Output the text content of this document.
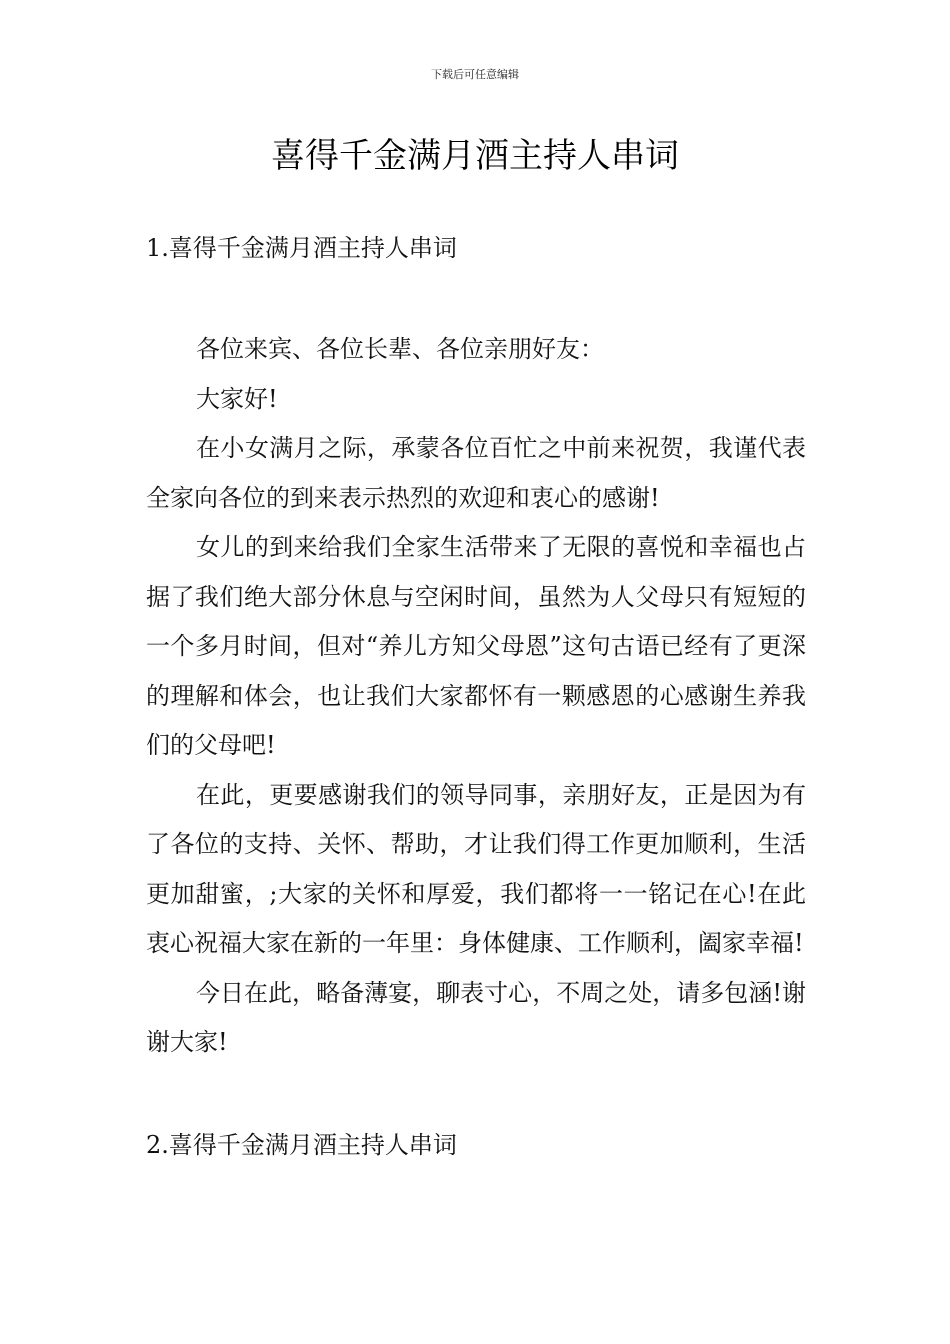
下载后可任意编辑
喜得千金满月酒主持人串词
1.喜得千金满月酒主持人串词

各位来宾、各位长辈、各位亲朋好友：

大家好!

在小女满月之际，承蒙各位百忙之中前来祝贺，我谨代表全家向各位的到来表示热烈的欢迎和衷心的感谢!

女儿的到来给我们全家生活带来了无限的喜悦和幸福也占据了我们绝大部分休息与空闲时间，虽然为人父母只有短短的一个多月时间，但对“养儿方知父母恩”这句古语已经有了更深的理解和体会，也让我们大家都怀有一颗感恩的心感谢生养我们的父母吧!

在此，更要感谢我们的领导同事，亲朋好友，正是因为有了各位的支持、关怀、帮助，才让我们得工作更加顺利，生活更加甜蜜，;大家的关怀和厚爱，我们都将一一铭记在心!在此衷心祝福大家在新的一年里：身体健康、工作顺利，阖家幸福!

今日在此，略备薄宴，聊表寸心，不周之处，请多包涵!谢谢大家!

2.喜得千金满月酒主持人串词
